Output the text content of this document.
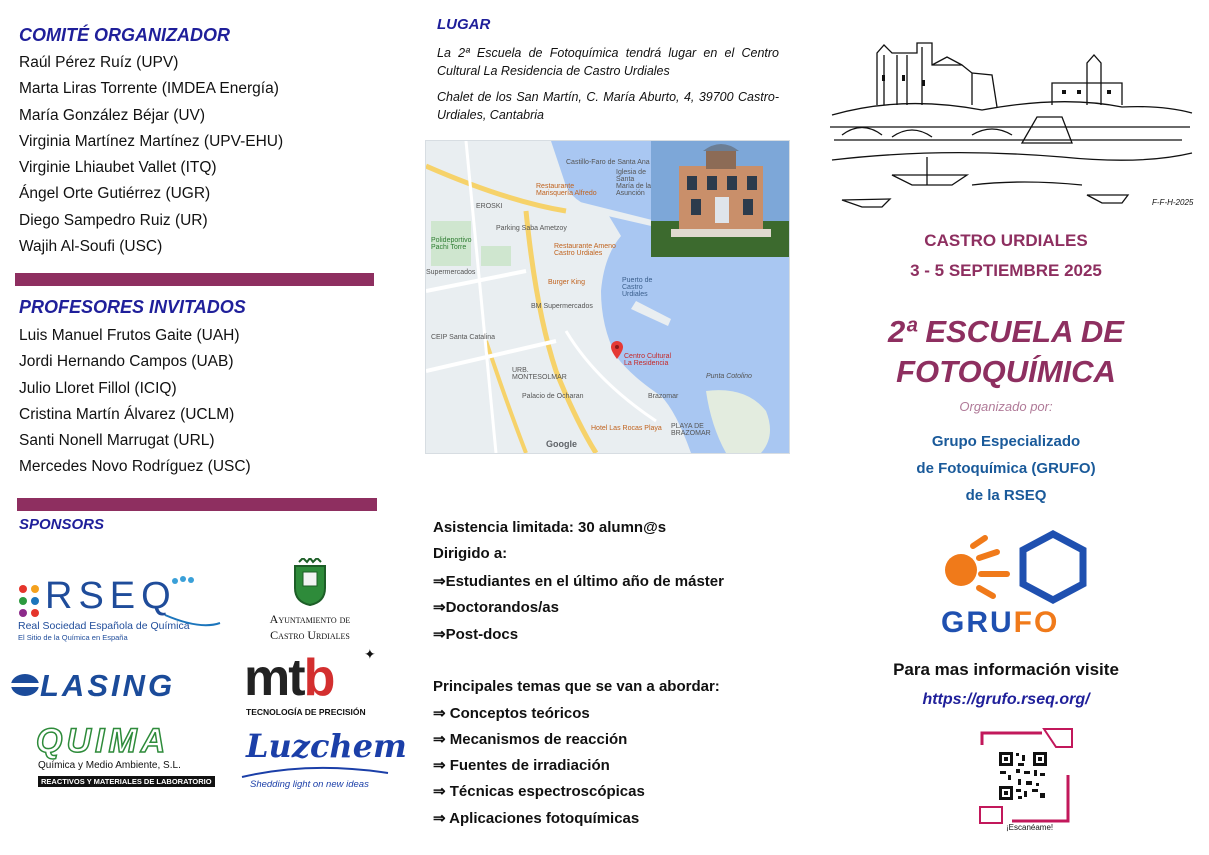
COMITÉ ORGANIZADOR
Raúl Pérez Ruíz (UPV)
Marta Liras Torrente (IMDEA Energía)
María González Béjar (UV)
Virginia Martínez Martínez (UPV-EHU)
Virginie Lhiaubet Vallet (ITQ)
Ángel Orte Gutiérrez (UGR)
Diego Sampedro Ruiz (UR)
Wajih Al-Soufi (USC)
PROFESORES INVITADOS
Luis Manuel Frutos Gaite (UAH)
Jordi Hernando Campos (UAB)
Julio Lloret Fillol (ICIQ)
Cristina Martín Álvarez (UCLM)
Santi Nonell Marrugat (URL)
Mercedes Novo Rodríguez (USC)
SPONSORS
RSEQ
Real Sociedad Española de Química
El Sitio de la Química en España
Ayuntamiento de
Castro Urdiales
LASING mtb ✦
TECNOLOGÍA DE PRECISIÓN
QUIMA
Química y Medio Ambiente, S.L.
REACTIVOS Y MATERIALES DE LABORATORIO
Luzchem
Shedding light on new ideas
LUGAR
La 2ª Escuela de Fotoquímica tendrá lugar en el Centro Cultural La Residencia de Castro Urdiales
Chalet de los San Martín, C. María Aburto, 4, 39700 Castro-Urdiales, Cantabria
Castillo-Faro de Santa Ana
Iglesia de Santa María de la Asunción
Restaurante Marisquería Alfredo
EROSKI
Parking Saba Ametzoy
Polideportivo Pachi Torre	Restaurante Ameno Castro Urdiales
Supermercados
Burger King	Puerto de Castro Urdiales
BM Supermercados
CEIP Santa Catalina
Centro Cultural La Residencia
URB. MONTESOLMAR	Punta Cotolino
Palacio de Ocharan	Brazomar
PLAYA DE BRAZOMAR
Hotel Las Rocas Playa
Google
Asistencia limitada: 30 alumn@s
Dirigido a:
⇒Estudiantes en el último año de máster
⇒Doctorandos/as
⇒Post-docs
Principales temas que se van a abordar:
⇒ Conceptos teóricos
⇒ Mecanismos de reacción
⇒ Fuentes de irradiación
⇒ Técnicas espectroscópicas
⇒ Aplicaciones fotoquímicas
F-F-H-2025
CASTRO URDIALES
3 - 5 SEPTIEMBRE 2025
2ª ESCUELA DE
FOTOQUÍMICA
Organizado por:
Grupo Especializado
de Fotoquímica (GRUFO)
de la RSEQ
GRUFO
Para mas información visite
https://grufo.rseq.org/
¡Escanéame!
